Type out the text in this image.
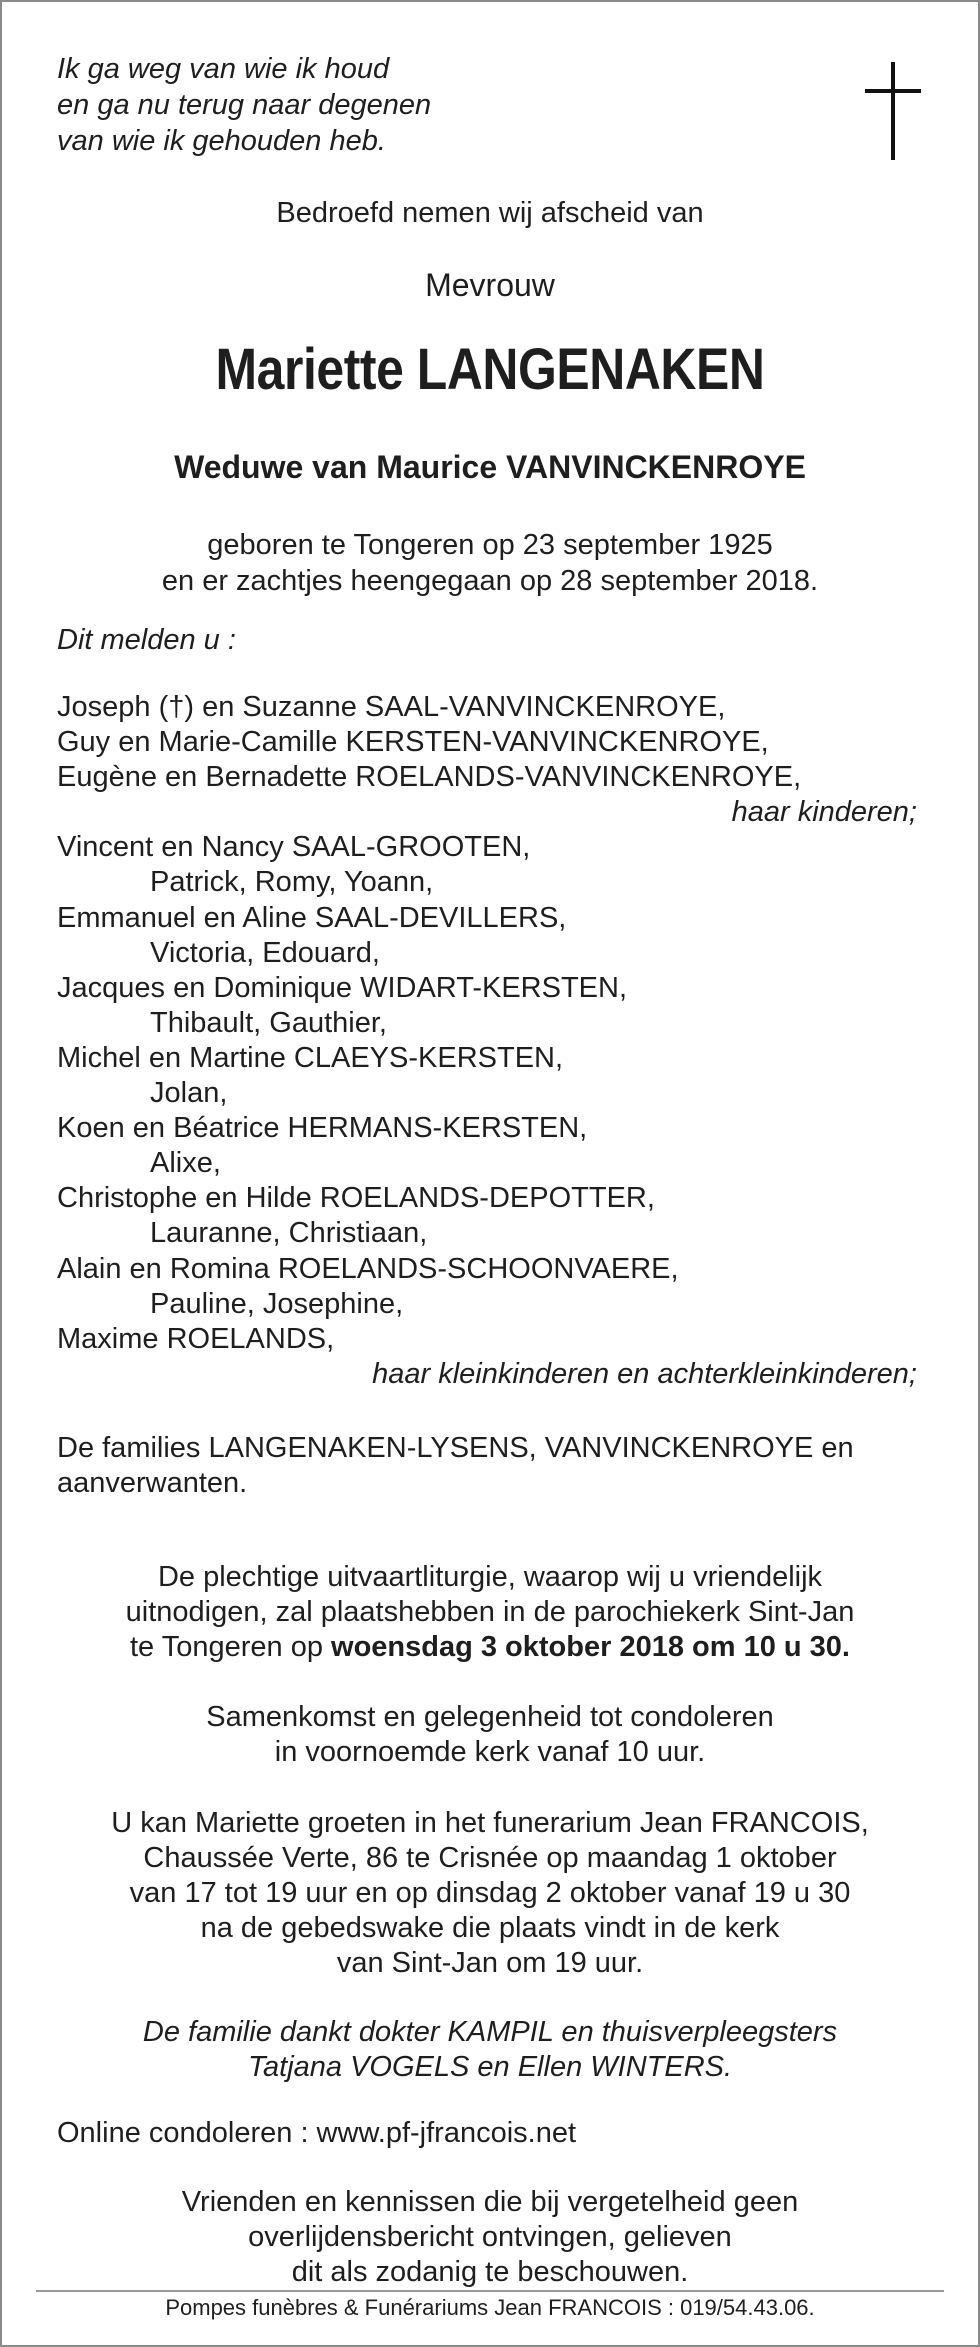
Ik ga weg van wie ik houd
en ga nu terug naar degenen
van wie ik gehouden heb.
Bedroefd nemen wij afscheid van
Mevrouw
Mariette LANGENAKEN
Weduwe van Maurice VANVINCKENROYE
geboren te Tongeren op 23 september 1925
en er zachtjes heengegaan op 28 september 2018.
Dit melden u :
Joseph (†) en Suzanne SAAL-VANVINCKENROYE,
Guy en Marie-Camille KERSTEN-VANVINCKENROYE,
Eugène en Bernadette ROELANDS-VANVINCKENROYE,
haar kinderen;
Vincent en Nancy SAAL-GROOTEN,
Patrick, Romy, Yoann,
Emmanuel en Aline SAAL-DEVILLERS,
Victoria, Edouard,
Jacques en Dominique WIDART-KERSTEN,
Thibault, Gauthier,
Michel en Martine CLAEYS-KERSTEN,
Jolan,
Koen en Béatrice HERMANS-KERSTEN,
Alixe,
Christophe en Hilde ROELANDS-DEPOTTER,
Lauranne, Christiaan,
Alain en Romina ROELANDS-SCHOONVAERE,
Pauline, Josephine,
Maxime ROELANDS,
haar kleinkinderen en achterkleinkinderen;
De families LANGENAKEN-LYSENS, VANVINCKENROYE en
aanverwanten.
De plechtige uitvaartliturgie, waarop wij u vriendelijk
uitnodigen, zal plaatshebben in de parochiekerk Sint-Jan
te Tongeren op woensdag 3 oktober 2018 om 10 u 30.
Samenkomst en gelegenheid tot condoleren
in voornoemde kerk vanaf 10 uur.
U kan Mariette groeten in het funerarium Jean FRANCOIS,
Chaussée Verte, 86 te Crisnée op maandag 1 oktober
van 17 tot 19 uur en op dinsdag 2 oktober vanaf 19 u 30
na de gebedswake die plaats vindt in de kerk
van Sint-Jan om 19 uur.
De familie dankt dokter KAMPIL en thuisverpleegsters
Tatjana VOGELS en Ellen WINTERS.
Online condoleren : www.pf-jfrancois.net
Vrienden en kennissen die bij vergetelheid geen
overlijdensbericht ontvingen, gelieven
dit als zodanig te beschouwen.
Pompes funèbres & Funérariums Jean FRANCOIS : 019/54.43.06.
